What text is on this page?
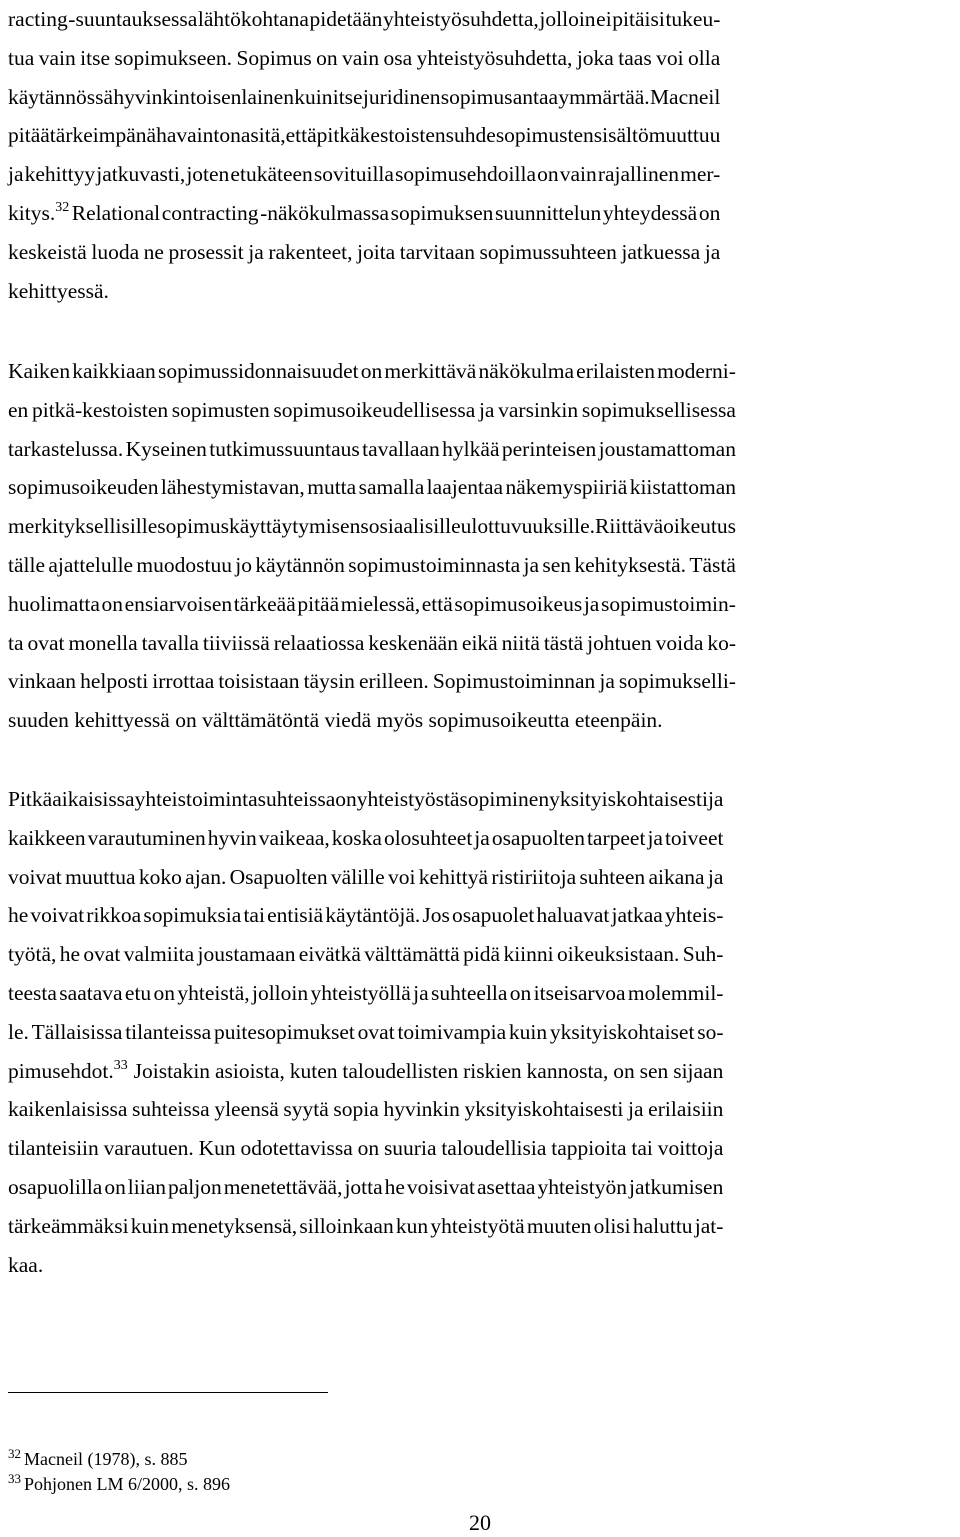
racting -suuntauksessa lähtökohtana pidetään yhteistyösuhdetta, jolloin ei pitäisi tukeu-
tua vain itse sopimukseen. Sopimus on vain osa yhteistyösuhdetta, joka taas voi olla
käytännössä hyvinkin toisenlainen kuin itse juridinen sopimus antaa ymmärtää. Macneil
pitää tärkeimpänä havaintona sitä, että pitkäkestoisten suhdesopimusten sisältö muuttuu
ja kehittyy jatkuvasti, joten etukäteen sovituilla sopimusehdoilla on vain rajallinen mer-
kitys.$^{32}$ Relational contracting -näkökulmassa sopimuksen suunnittelun yhteydessä on
keskeistä luoda ne prosessit ja rakenteet, joita tarvitaan sopimussuhteen jatkuessa ja
kehittyessä.
Kaiken kaikkiaan sopimussidonnaisuudet on merkittävä näkökulma erilaisten moderni-
en pitkä-kestoisten sopimusten sopimusoikeudellisessa ja varsinkin sopimuksellisessa
tarkastelussa. Kyseinen tutkimussuuntaus tavallaan hylkää perinteisen joustamattoman
sopimusoikeuden lähestymistavan, mutta samalla laajentaa näkemyspiiriä kiistattoman
merkityksellisille sopimuskäyttäytymisen sosiaalisille ulottuvuuksille. Riittävä oikeutus
tälle ajattelulle muodostuu jo käytännön sopimustoiminnasta ja sen kehityksestä. Tästä
huolimatta on ensiarvoisen tärkeää pitää mielessä, että sopimusoikeus ja sopimustoimin-
ta ovat monella tavalla tiiviissä relaatiossa keskenään eikä niitä tästä johtuen voida ko-
vinkaan helposti irrottaa toisistaan täysin erilleen. Sopimustoiminnan ja sopimukselli-
suuden kehittyessä on välttämätöntä viedä myös sopimusoikeutta eteenpäin.
Pitkäaikaisissa yhteistoimintasuhteissa on yhteistyöstä sopiminen yksityiskohtaisesti ja
kaikkeen varautuminen hyvin vaikeaa, koska olosuhteet ja osapuolten tarpeet ja toiveet
voivat muuttua koko ajan. Osapuolten välille voi kehittyä ristiriitoja suhteen aikana ja
he voivat rikkoa sopimuksia tai entisiä käytäntöjä. Jos osapuolet haluavat jatkaa yhteis-
työtä, he ovat valmiita joustamaan eivätkä välttämättä pidä kiinni oikeuksistaan. Suh-
teesta saatava etu on yhteistä, jolloin yhteistyöllä ja suhteella on itseisarvoa molemmil-
le. Tällaisissa tilanteissa puitesopimukset ovat toimivampia kuin yksityiskohtaiset so-
pimusehdot.$^{33}$ Joistakin asioista, kuten taloudellisten riskien kannosta, on sen sijaan
kaikenlaisissa suhteissa yleensä syytä sopia hyvinkin yksityiskohtaisesti ja erilaisiin
tilanteisiin varautuen. Kun odotettavissa on suuria taloudellisia tappioita tai voittoja
osapuolilla on liian paljon menetettävää, jotta he voisivat asettaa yhteistyön jatkumisen
tärkeämmäksi kuin menetyksensä, silloinkaan kun yhteistyötä muuten olisi haluttu jat-
kaa.
$^{32}$ Macneil (1978), s. 885
$^{33}$ Pohjonen LM 6/2000, s. 896
20
